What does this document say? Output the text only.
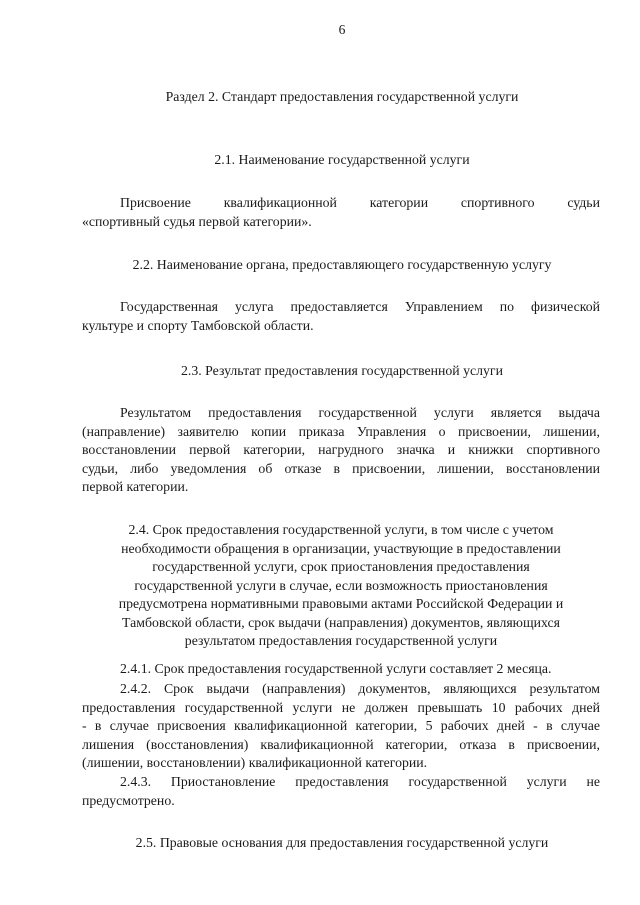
6
Раздел 2. Стандарт предоставления государственной услуги
2.1. Наименование государственной услуги
Присвоение квалификационной категории спортивного судьи
«спортивный судья первой категории».
2.2. Наименование органа, предоставляющего государственную услугу
Государственная услуга предоставляется Управлением по физической
культуре и спорту Тамбовской области.
2.3. Результат предоставления государственной услуги
Результатом предоставления государственной услуги является выдача
(направление) заявителю копии приказа Управления о присвоении, лишении,
восстановлении первой категории, нагрудного значка и книжки спортивного
судьи, либо уведомления об отказе в присвоении, лишении, восстановлении
первой категории.
2.4. Срок предоставления государственной услуги, в том числе с учетом
необходимости обращения в организации, участвующие в предоставлении
государственной услуги, срок приостановления предоставления
государственной услуги в случае, если возможность приостановления
предусмотрена нормативными правовыми актами Российской Федерации и
Тамбовской области, срок выдачи (направления) документов, являющихся
результатом предоставления государственной услуги
2.4.1. Срок предоставления государственной услуги составляет 2 месяца.
2.4.2. Срок выдачи (направления) документов, являющихся результатом
предоставления государственной услуги не должен превышать 10 рабочих дней
- в случае присвоения квалификационной категории, 5 рабочих дней - в случае
лишения (восстановления) квалификационной категории, отказа в присвоении,
(лишении, восстановлении) квалификационной категории.
2.4.3. Приостановление предоставления государственной услуги не
предусмотрено.
2.5. Правовые основания для предоставления государственной услуги
